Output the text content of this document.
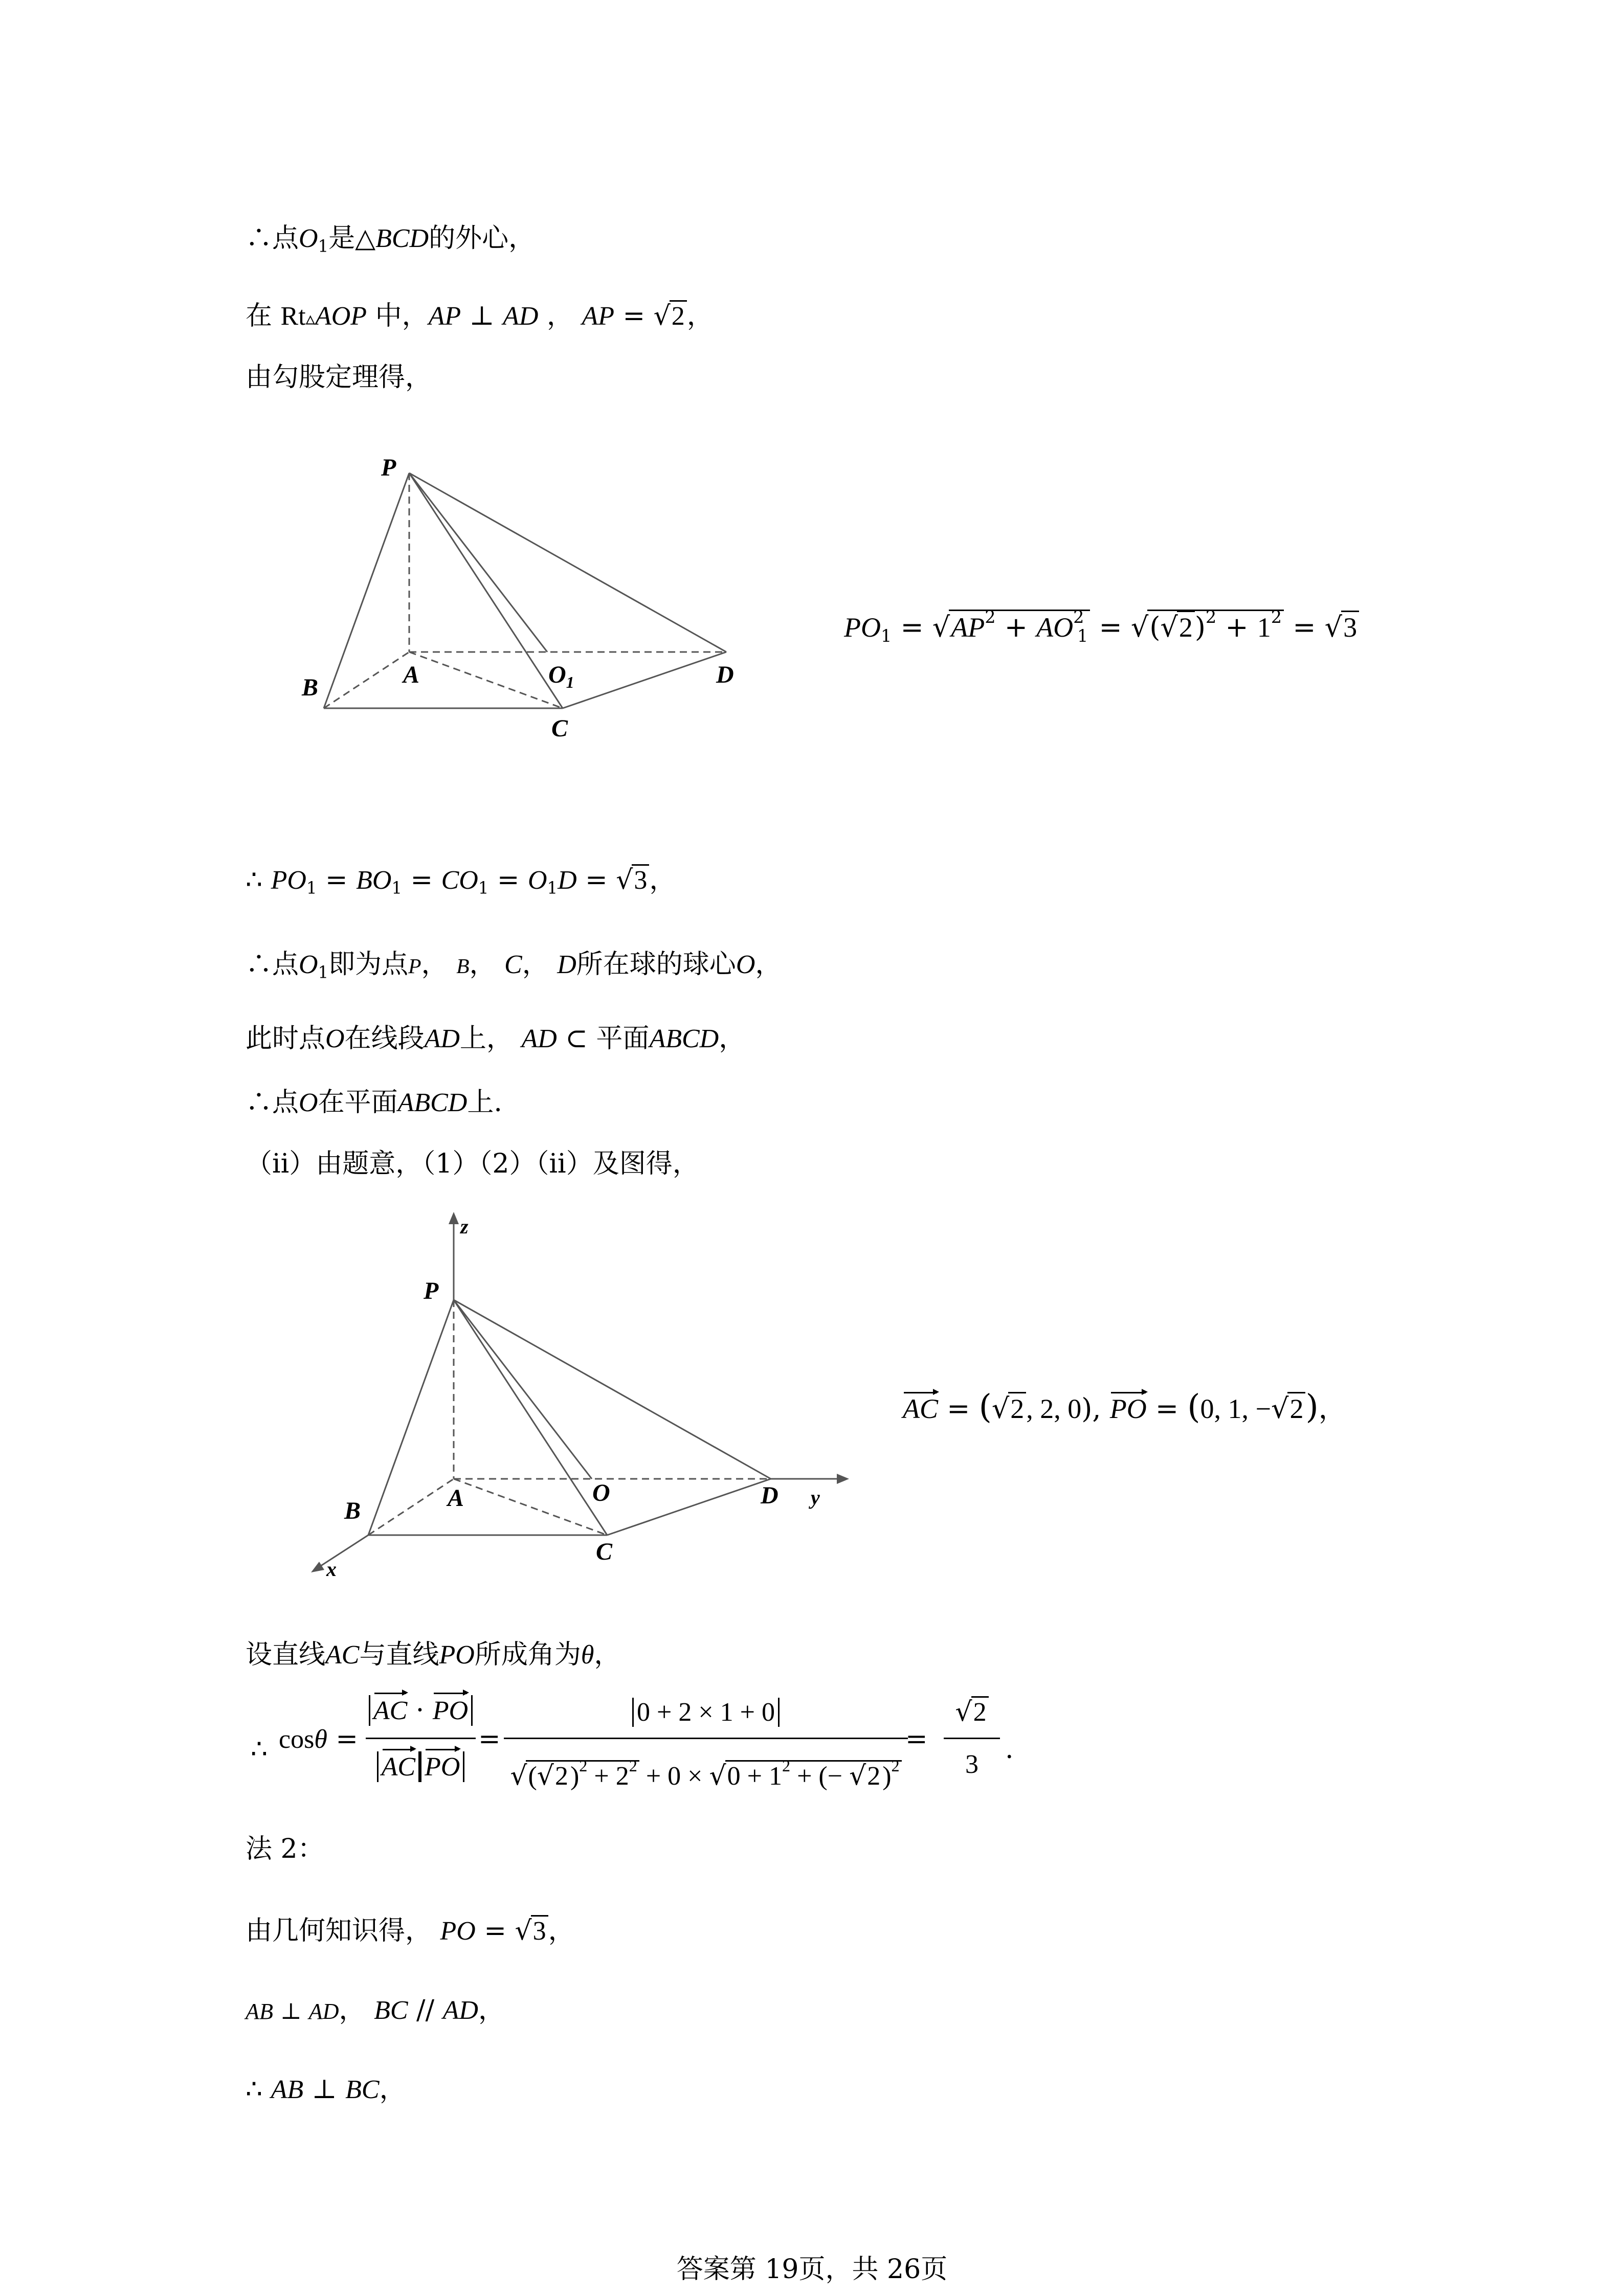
∴点$O_1$是△BCD的外心，
在 Rt▵AOP 中，AP ⊥ AD ， AP = √2，
由勾股定理得，
P
A
B
C
D
$O_1$
$PO_1 = √AP^2 + AO^2_1 = √(√2)^2 + 1^2 = √3$
∴ $PO_1 = BO_1 = CO_1 = O_1D = √3$，
∴点$O_1$即为点P， B， C， D所在球的球心O，
此时点O在线段AD上， AD ⊂ 平面ABCD，
∴点O在平面ABCD上.
（ii）由题意，（1）（2）（ii）及图得，
z
P
A
B
C
D
O	y
x
AC = (√2, 2, 0), PO = (0, 1, −√2)，
设直线AC与直线PO所成角为θ，
∴ cosθ =
AC · PO
AC PO
=
0 + 2 × 1 + 0
$√(√2)^2 + 2^2 + 0 \times √0 + 1^2$ + (− √2)$^2$
=
√2
3	.
法 2：
由几何知识得， PO = √3，
AB ⊥ AD， BC // AD，
∴ AB ⊥ BC，
答案第 19页，共 26页
